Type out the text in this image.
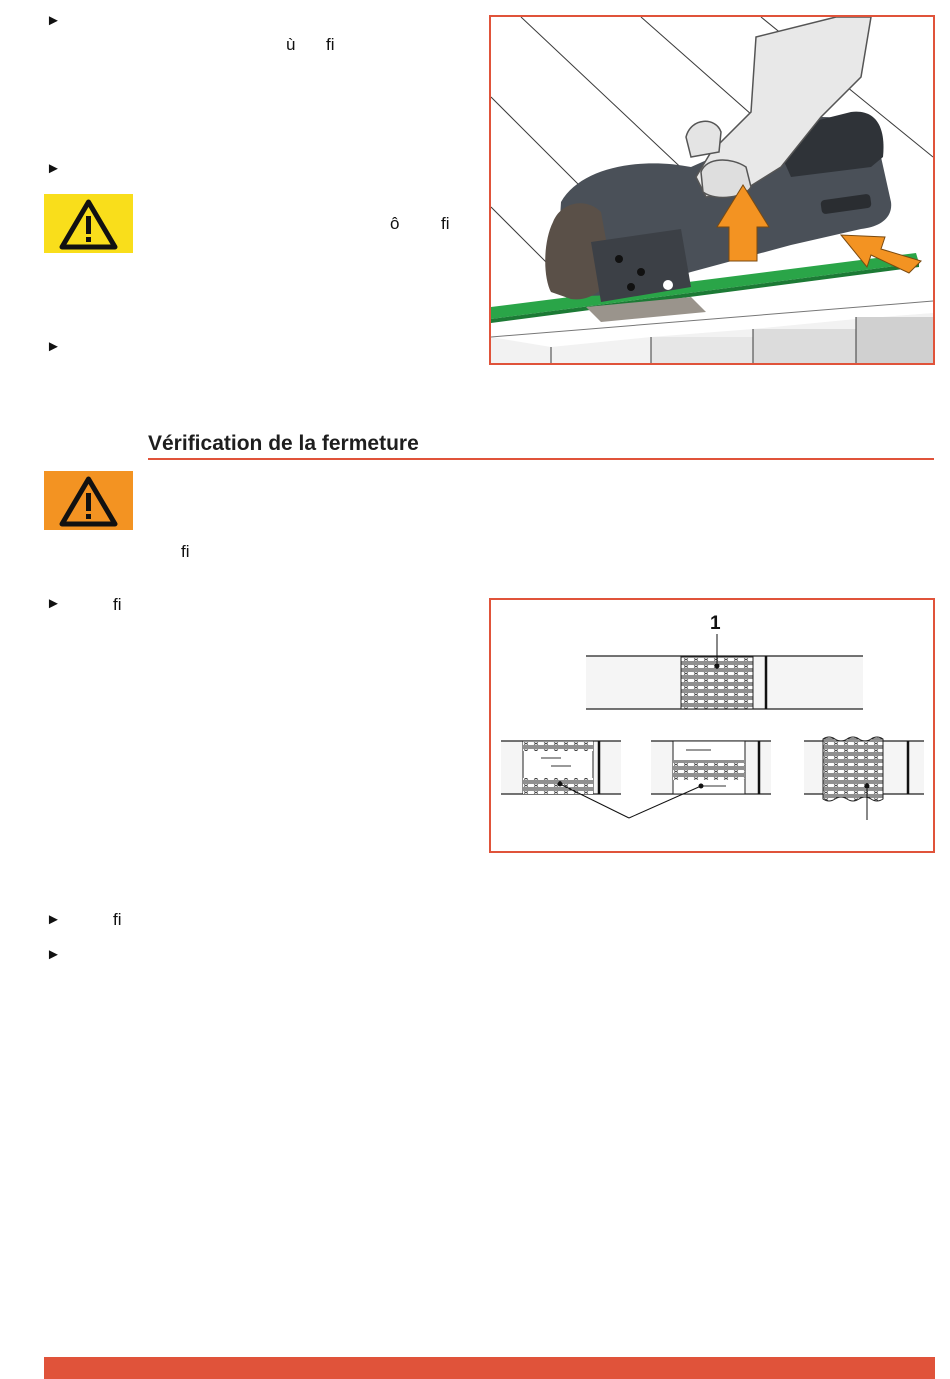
►
ù fi
►
ô fi
►
Vérification de la fermeture
fi
►	fi
1
►	fi
►
